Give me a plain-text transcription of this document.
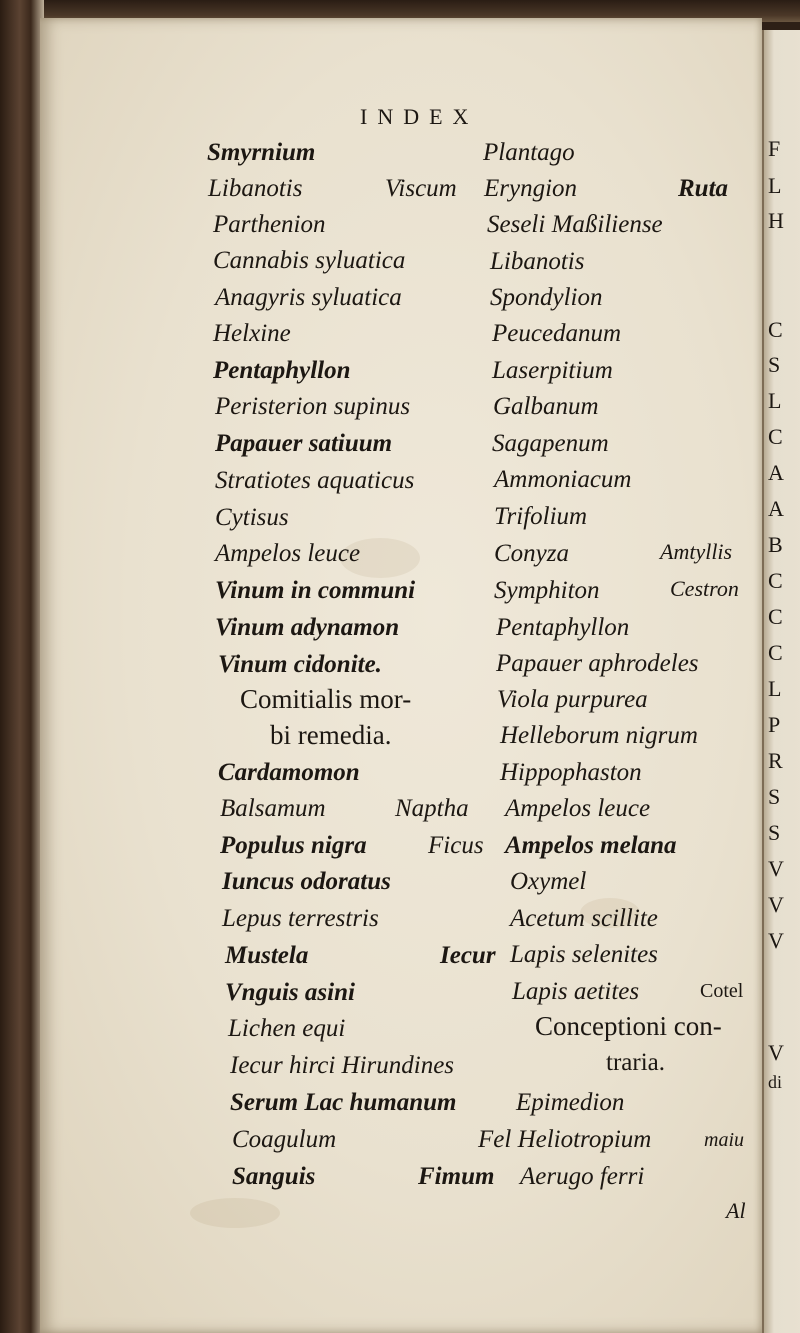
INDEX
Smyrnium
Libanotis	Viscum
Parthenion
Cannabis syluatica
Anagyris syluatica
Helxine
Pentaphyllon
Peristerion supinus
Papauer satiuum
Stratiotes aquaticus
Cytisus
Ampelos leuce
Vinum in communi
Vinum adynamon
Vinum cidonite.
Comitialis mor-
bi remedia.
Cardamomon
Balsamum	Naptha
Populus nigra Ficus
Iuncus odoratus
Lepus terrestris
Mustela	Iecur
Vnguis asini
Lichen equi
Iecur hirci Hirundines
Serum Lac humanum
Coagulum
Sanguis	Fimum
Plantago
Eryngion	Ruta
Seseli Maßiliense
Libanotis
Spondylion
Peucedanum
Laserpitium
Galbanum
Sagapenum
Ammoniacum
Trifolium
Conyza	Amtyllis
Symphiton	Cestron
Pentaphyllon
Papauer aphrodeles
Viola purpurea
Helleborum nigrum
Hippophaston
Ampelos leuce
Ampelos melana
Oxymel
Acetum scillite
Lapis selenites
Lapis aetites	Cotel
Conceptioni con-
traria.
Epimedion
Fel Heliotropium	maiu
Aerugo ferri
Al
F
L
H
C
S
L
C
A
A
B
C
C
C
L
P
R
S
S
V
V
V
V
di
